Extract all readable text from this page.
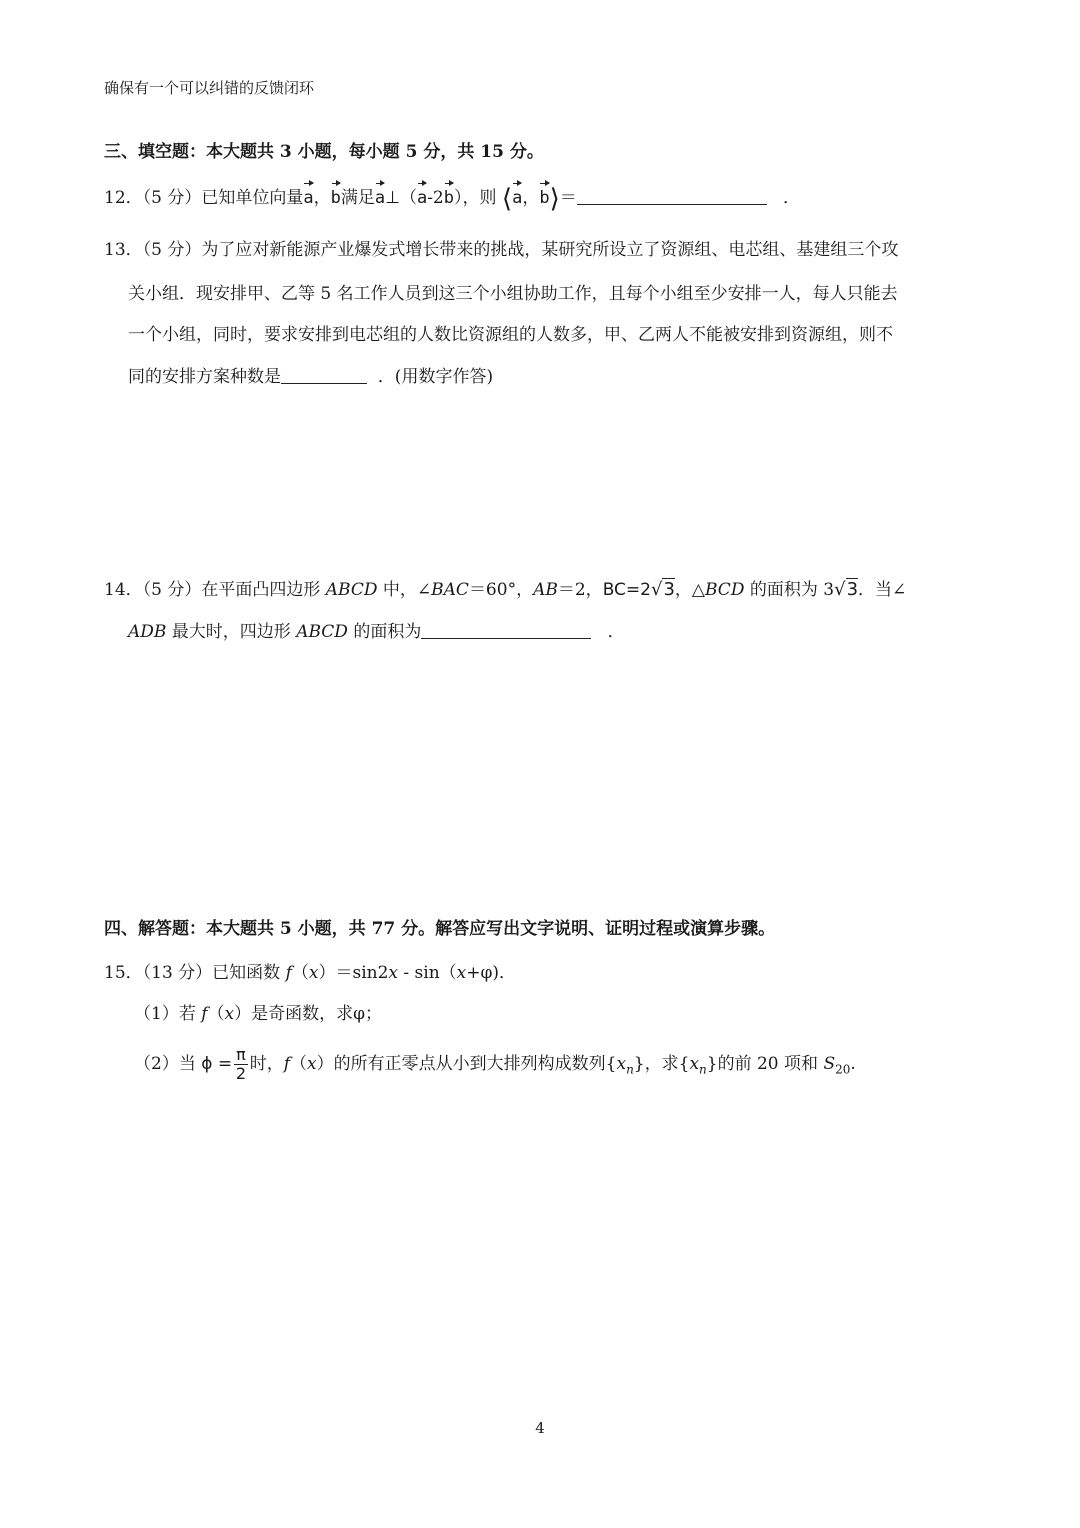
确保有一个可以纠错的反馈闭环
三、填空题：本大题共 3 小题，每小题 5 分，共 15 分。
12．（5 分）已知单位向量a，b满足a⊥（a-2b），则 ⟨a，b⟩＝	．
13．（5 分）为了应对新能源产业爆发式增长带来的挑战，某研究所设立了资源组、电芯组、基建组三个攻
关小组．现安排甲、乙等 5 名工作人员到这三个小组协助工作，且每个小组至少安排一人，每人只能去
一个小组，同时，要求安排到电芯组的人数比资源组的人数多，甲、乙两人不能被安排到资源组，则不
同的安排方案种数是	．(用数字作答)
14．（5 分）在平面凸四边形 ABCD 中，∠BAC＝60°，AB＝2，BC=2√3，△BCD 的面积为 3√3．当∠
ADB 最大时，四边形 ABCD 的面积为	．
四、解答题：本大题共 5 小题，共 77 分。解答应写出文字说明、证明过程或演算步骤。
15．（13 分）已知函数 f（x）＝sin2x - sin（x+φ)．
（1）若 f（x）是奇函数，求φ；
（2）当 $\phi = \frac{\pi}{2}$ 时，f（x）的所有正零点从小到大排列构成数列$\{x_n\}$，求$\{x_n\}$的前 20 项和 $S_{20}$.
4
